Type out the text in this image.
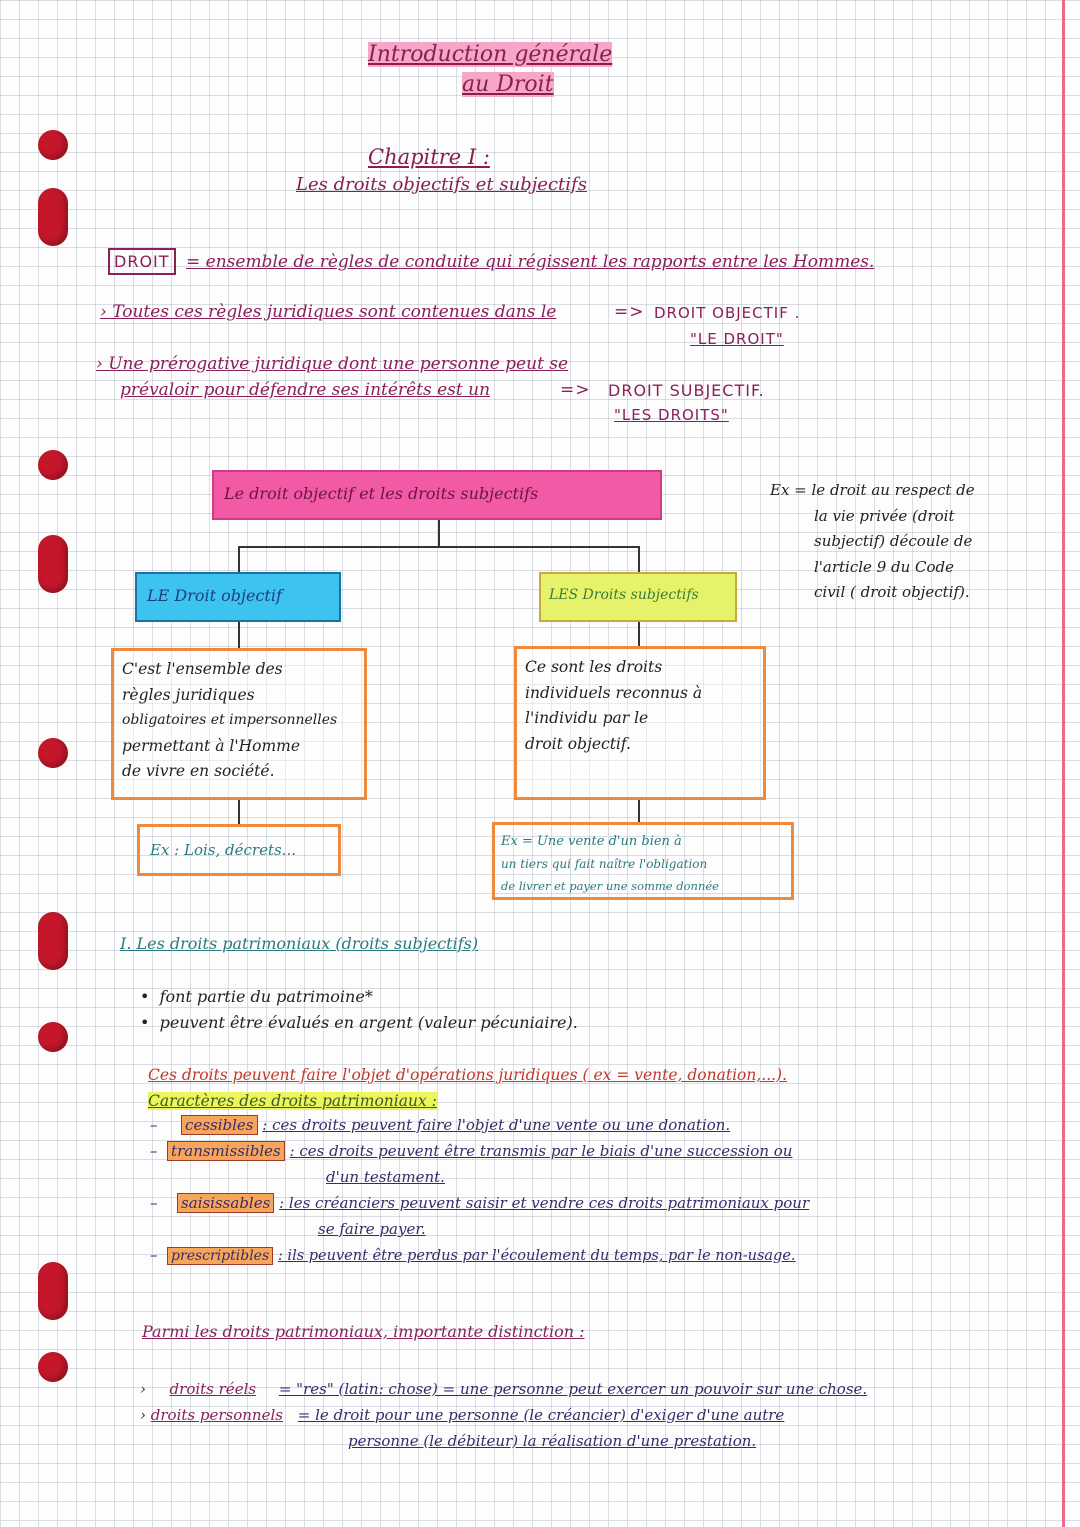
Introduction générale
au Droit
Chapitre I :
Les droits objectifs et subjectifs
DROIT = ensemble de règles de conduite qui régissent les rapports entre les Hommes.
› Toutes ces règles juridiques sont contenues dans le	=> DROIT OBJECTIF .
"LE DROIT"
› Une prérogative juridique dont une personne peut se
prévaloir pour défendre ses intérêts est un	=> DROIT SUBJECTIF.
"LES DROITS"
Le droit objectif et les droits subjectifs
LE Droit objectif	LES Droits subjectifs
C'est l'ensemble des
règles juridiques
obligatoires et impersonnelles
permettant à l'Homme
de vivre en société.
Ce sont les droits
individuels reconnus à
l'individu par le
droit objectif.
Ex : Lois, décrets...	Ex = Une vente d'un bien à
un tiers qui fait naître l'obligation
de livrer et payer une somme donnée
Ex = le droit au respect de
la vie privée (droit
subjectif) découle de
l'article 9 du Code
civil ( droit objectif).
I. Les droits patrimoniaux (droits subjectifs)
•  font partie du patrimoine*
•  peuvent être évalués en argent (valeur pécuniaire).
Ces droits peuvent faire l'objet d'opérations juridiques ( ex = vente, donation,...).
Caractères des droits patrimoniaux :
–  cessibles : ces droits peuvent faire l'objet d'une vente ou une donation.
–  transmissibles : ces droits peuvent être transmis par le biais d'une succession ou
d'un testament.
–  saisissables : les créanciers peuvent saisir et vendre ces droits patrimoniaux pour
se faire payer.
–  prescriptibles : ils peuvent être perdus par l'écoulement du temps, par le non-usage.
Parmi les droits patrimoniaux, importante distinction :
›  droits réels = "res" (latin: chose) = une personne peut exercer un pouvoir sur une chose.
› droits personnels = le droit pour une personne (le créancier) d'exiger d'une autre
personne (le débiteur) la réalisation d'une prestation.
